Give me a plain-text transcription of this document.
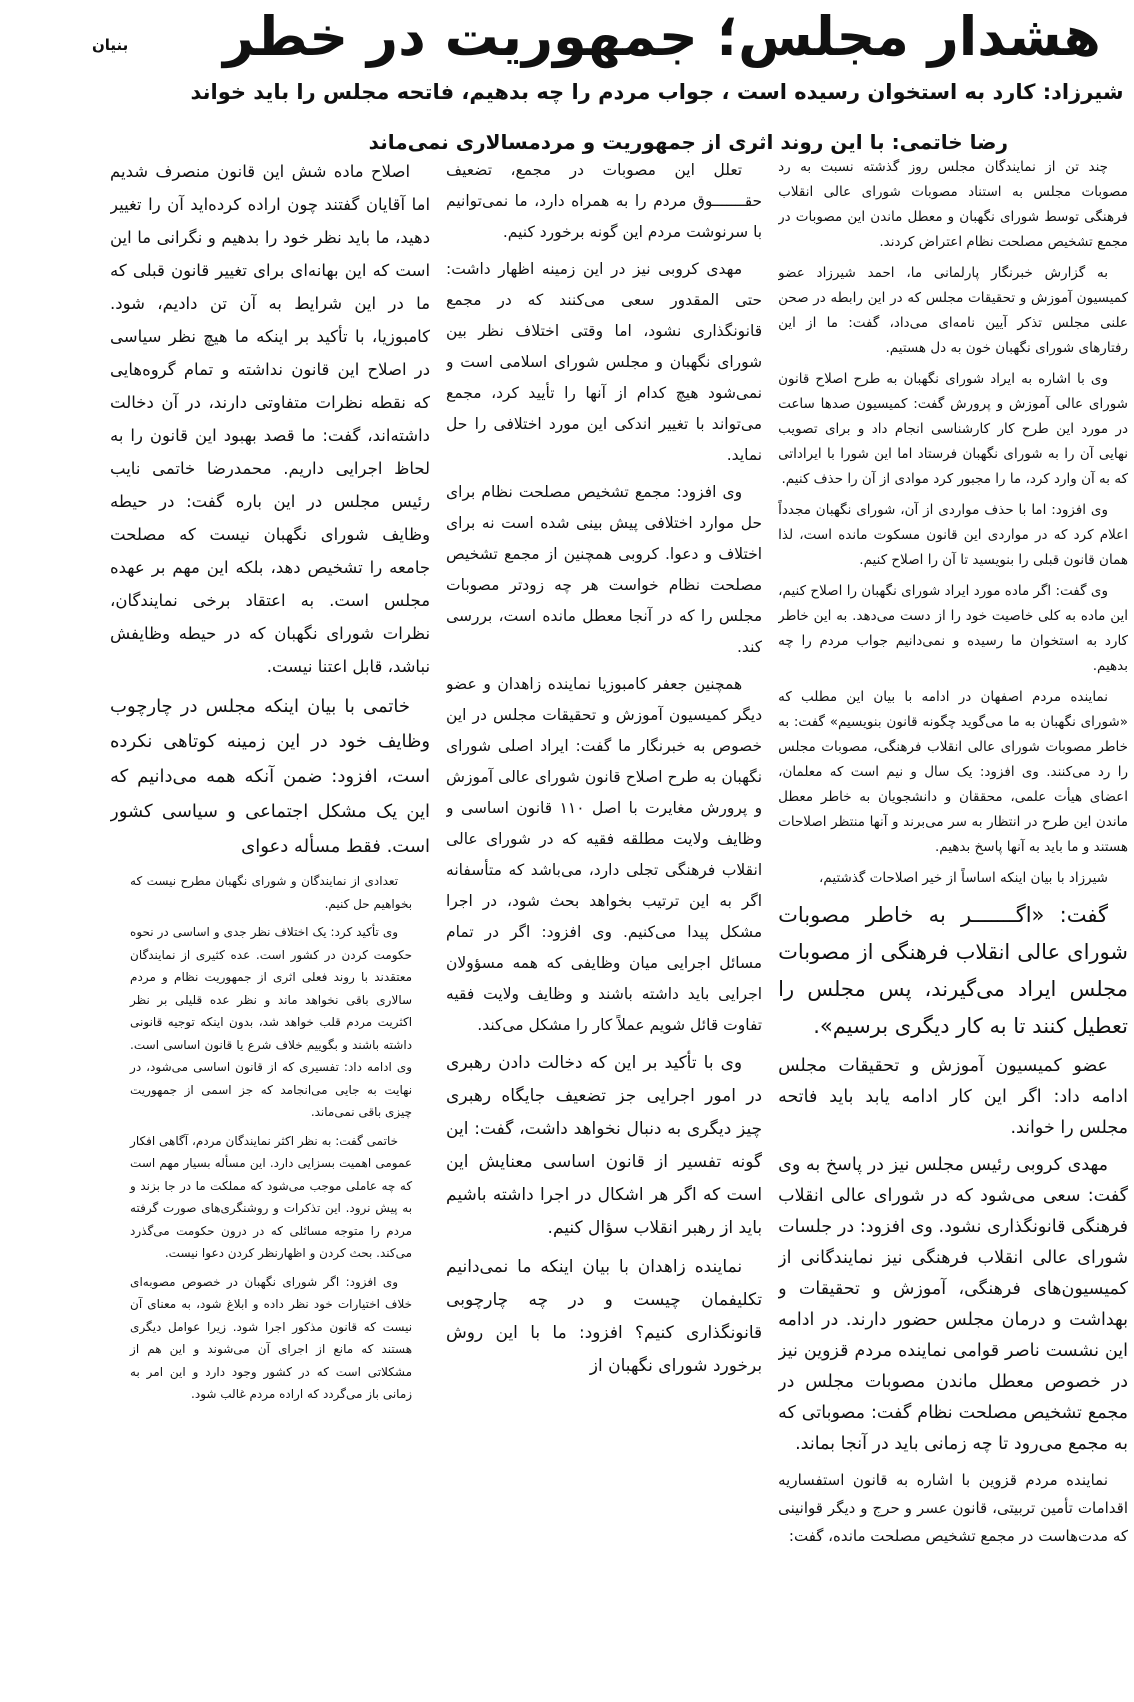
بنیان	هشدار مجلس؛ جمهوریت در خطر
شیرزاد: کارد به استخوان رسیده است ، جواب مردم را چه بدهیم، فاتحه مجلس را باید خواند
رضا خاتمی: با این روند اثری از جمهوریت و مردمسالاری نمی‌ماند

چند تن از نمایندگان مجلس روز گذشته نسبت به رد مصوبات مجلس به استناد مصوبات شورای عالی انقلاب فرهنگی توسط شورای نگهبان و معطل ماندن این مصوبات در مجمع تشخیص مصلحت نظام اعتراض کردند.

به گزارش خبرنگار پارلمانی ما، احمد شیرزاد عضو کمیسیون آموزش و تحقیقات مجلس که در این رابطه در صحن علنی مجلس تذکر آیین نامه‌ای می‌داد، گفت: ما از این رفتارهای شورای نگهبان خون به دل هستیم.

وی با اشاره به ایراد شورای نگهبان به طرح اصلاح قانون شورای عالی آموزش و پرورش گفت: کمیسیون صدها ساعت در مورد این طرح کار کارشناسی انجام داد و برای تصویب نهایی آن را به شورای نگهبان فرستاد اما این شورا با ایراداتی که به آن وارد کرد، ما را مجبور کرد موادی از آن را حذف کنیم.

وی افزود: اما با حذف مواردی از آن، شورای نگهبان مجدداً اعلام کرد که در مواردی این قانون مسکوت مانده است، لذا همان قانون قبلی را بنویسید تا آن را اصلاح کنیم.

وی گفت: اگر ماده مورد ایراد شورای نگهبان را اصلاح کنیم، این ماده به کلی خاصیت خود را از دست می‌دهد. به این خاطر کارد به استخوان ما رسیده و نمی‌دانیم جواب مردم را چه بدهیم.

نماینده مردم اصفهان در ادامه با بیان این مطلب که «شورای نگهبان به ما می‌گوید چگونه قانون بنویسیم» گفت: به خاطر مصوبات شورای عالی انقلاب فرهنگی، مصوبات مجلس را رد می‌کنند. وی افزود: یک سال و نیم است که معلمان، اعضای هیأت علمی، محققان و دانشجویان به خاطر معطل ماندن این طرح در انتظار به سر می‌برند و آنها منتظر اصلاحات هستند و ما باید به آنها پاسخ بدهیم.

شیرزاد با بیان اینکه اساساً از خیر اصلاحات گذشتیم،

گفت: «اگـــــــر به خاطر مصوبات شورای عالی انقلاب فرهنگی از مصوبات مجلس ایراد می‌گیرند، پس مجلس را تعطیل کنند تا به کار دیگری برسیم».

عضو کمیسیون آموزش و تحقیقات مجلس ادامه داد: اگر این کار ادامه یابد باید فاتحه مجلس را خواند.

مهدی کروبی رئیس مجلس نیز در پاسخ به وی گفت: سعی می‌شود که در شورای عالی انقلاب فرهنگی قانونگذاری نشود. وی افزود: در جلسات شورای عالی انقلاب فرهنگی نیز نمایندگانی از کمیسیون‌های فرهنگی، آموزش و تحقیقات و بهداشت و درمان مجلس حضور دارند. در ادامه این نشست ناصر قوامی نماینده مردم قزوین نیز در خصوص معطل ماندن مصوبات مجلس در مجمع تشخیص مصلحت نظام گفت: مصوباتی که به مجمع می‌رود تا چه زمانی باید در آنجا بماند.

نماینده مردم قزوین با اشاره به قانون استفساریه اقدامات تأمین تربیتی، قانون عسر و حرج و دیگر قوانینی که مدت‌هاست در مجمع تشخیص مصلحت مانده، گفت:

تعلل این مصوبات در مجمع، تضعیف حقـــــــوق مردم را به همراه دارد، ما نمی‌توانیم با سرنوشت مردم این گونه برخورد کنیم.

مهدی کروبی نیز در این زمینه اظهار داشت: حتی المقدور سعی می‌کنند که در مجمع قانونگذاری نشود، اما وقتی اختلاف نظر بین شورای نگهبان و مجلس شورای اسلامی است و نمی‌شود هیچ کدام از آنها را تأیید کرد، مجمع می‌تواند با تغییر اندکی این مورد اختلافی را حل نماید.

وی افزود: مجمع تشخیص مصلحت نظام برای حل موارد اختلافی پیش بینی شده است نه برای اختلاف و دعوا. کروبی همچنین از مجمع تشخیص مصلحت نظام خواست هر چه زودتر مصوبات مجلس را که در آنجا معطل مانده است، بررسی کند.

همچنین جعفر کامبوزیا نماینده زاهدان و عضو دیگر کمیسیون آموزش و تحقیقات مجلس در این خصوص به خبرنگار ما گفت: ایراد اصلی شورای نگهبان به طرح اصلاح قانون شورای عالی آموزش و پرورش مغایرت با اصل ۱۱۰ قانون اساسی و وظایف ولایت مطلقه فقیه که در شورای عالی انقلاب فرهنگی تجلی دارد، می‌باشد که متأسفانه اگر به این ترتیب بخواهد بحث شود، در اجرا مشکل پیدا می‌کنیم. وی افزود: اگر در تمام مسائل اجرایی میان وظایفی که همه مسؤولان اجرایی باید داشته باشند و وظایف ولایت فقیه تفاوت قائل شویم عملاً کار را مشکل می‌کند.

وی با تأکید بر این که دخالت دادن رهبری در امور اجرایی جز تضعیف جایگاه رهبری چیز دیگری به دنبال نخواهد داشت، گفت: این گونه تفسیر از قانون اساسی معنایش این است که اگر هر اشکال در اجرا داشته باشیم باید از رهبر انقلاب سؤال کنیم.

نماینده زاهدان با بیان اینکه ما نمی‌دانیم تکلیفمان چیست و در چه چارچوبی قانونگذاری کنیم؟ افزود: ما با این روش برخورد شورای نگهبان از

اصلاح ماده شش این قانون منصرف شدیم اما آقایان گفتند چون اراده کرده‌اید آن را تغییر دهید، ما باید نظر خود را بدهیم و نگرانی ما این است که این بهانه‌ای برای تغییر قانون قبلی که ما در این شرایط به آن تن دادیم، شود. کامبوزیا، با تأکید بر اینکه ما هیچ نظر سیاسی در اصلاح این قانون نداشته و تمام گروه‌هایی که نقطه نظرات متفاوتی دارند، در آن دخالت داشته‌اند، گفت: ما قصد بهبود این قانون را به لحاظ اجرایی داریم. محمدرضا خاتمی نایب رئیس مجلس در این باره گفت: در حیطه وظایف شورای نگهبان نیست که مصلحت جامعه را تشخیص دهد، بلکه این مهم بر عهده مجلس است. به اعتقاد برخی نمایندگان، نظرات شورای نگهبان که در حیطه وظایفش نباشد، قابل اعتنا نیست.

خاتمی با بیان اینکه مجلس در چارچوب وظایف خود در این زمینه کوتاهی نکرده است، افزود: ضمن آنکه همه می‌دانیم که این یک مشکل اجتماعی و سیاسی کشور است. فقط مسأله دعوای

تعدادی از نمایندگان و شورای نگهبان مطرح نیست که بخواهیم حل کنیم.

وی تأکید کرد: یک اختلاف نظر جدی و اساسی در نحوه حکومت کردن در کشور است. عده کثیری از نمایندگان معتقدند با روند فعلی اثری از جمهوریت نظام و مردم سالاری باقی نخواهد ماند و نظر عده قلیلی بر نظر اکثریت مردم قلب خواهد شد، بدون اینکه توجیه قانونی داشته باشند و بگوییم خلاف شرع یا قانون اساسی است. وی ادامه داد: تفسیری که از قانون اساسی می‌شود، در نهایت به جایی می‌انجامد که جز اسمی از جمهوریت چیزی باقی نمی‌ماند.

خاتمی گفت: به نظر اکثر نمایندگان مردم، آگاهی افکار عمومی اهمیت بسزایی دارد. این مسأله بسیار مهم است که چه عاملی موجب می‌شود که مملکت ما در جا بزند و به پیش نرود. این تذکرات و روشنگری‌های صورت گرفته مردم را متوجه مسائلی که در درون حکومت می‌گذرد می‌کند. بحث کردن و اظهارنظر کردن دعوا نیست.

وی افزود: اگر شورای نگهبان در خصوص مصوبه‌ای خلاف اختیارات خود نظر داده و ابلاغ شود، به معنای آن نیست که قانون مذکور اجرا شود. زیرا عوامل دیگری هستند که مانع از اجرای آن می‌شوند و این هم از مشکلاتی است که در کشور وجود دارد و این امر به زمانی باز می‌گردد که اراده مردم غالب شود.
